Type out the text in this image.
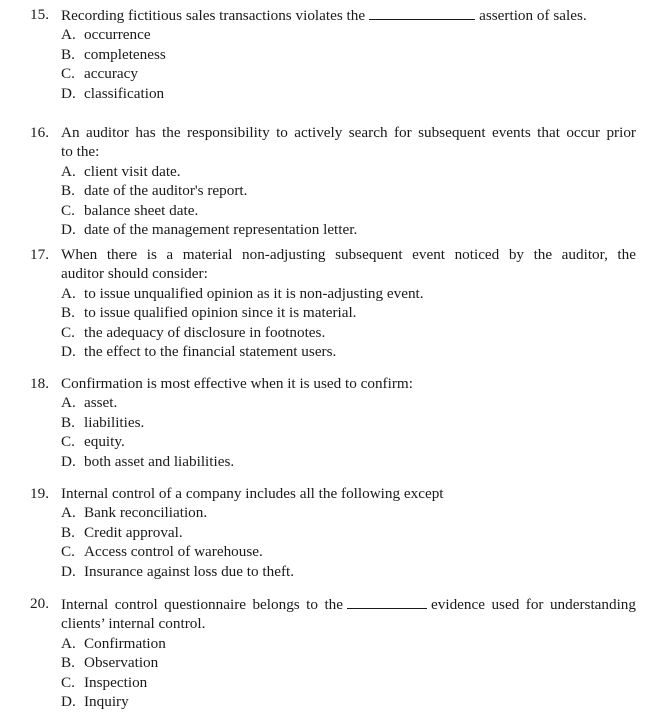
15. Recording fictitious sales transactions violates the	assertion of sales.
A. occurrence
B. completeness
C. accuracy
D. classification
16. An auditor has the responsibility to actively search for subsequent events that occur prior
to the:
A. client visit date.
B. date of the auditor's report.
C. balance sheet date.
D. date of the management representation letter.
17. When there is a material non-adjusting subsequent event noticed by the auditor, the
auditor should consider:
A. to issue unqualified opinion as it is non-adjusting event.
B. to issue qualified opinion since it is material.
C. the adequacy of disclosure in footnotes.
D. the effect to the financial statement users.
18. Confirmation is most effective when it is used to confirm:
A. asset.
B. liabilities.
C. equity.
D. both asset and liabilities.
19. Internal control of a company includes all the following except
A. Bank reconciliation.
B. Credit approval.
C. Access control of warehouse.
D. Insurance against loss due to theft.
20. Internal control questionnaire belongs to the	evidence used for understanding
clients’ internal control.
A. Confirmation
B. Observation
C. Inspection
D. Inquiry
